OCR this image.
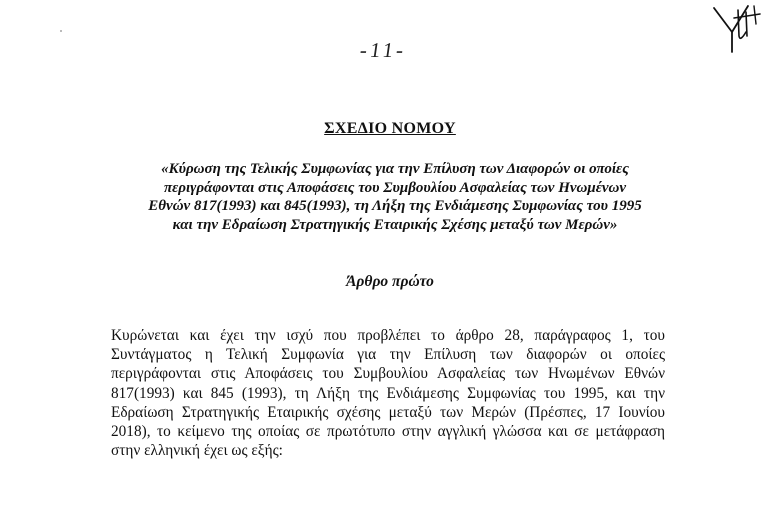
-11-
ΣΧΕΔΙΟ ΝΟΜΟΥ
«Κύρωση της Τελικής Συμφωνίας για την Επίλυση των Διαφορών οι οποίες
περιγράφονται στις Αποφάσεις του Συμβουλίου Ασφαλείας των Ηνωμένων
Εθνών 817(1993) και 845(1993), τη Λήξη της Ενδιάμεσης Συμφωνίας του 1995
και την Εδραίωση Στρατηγικής Εταιρικής Σχέσης μεταξύ των Μερών»
Άρθρο πρώτο
Κυρώνεται και έχει την ισχύ που προβλέπει το άρθρο 28, παράγραφος 1, του
Συντάγματος η Τελική Συμφωνία για την Επίλυση των διαφορών οι οποίες
περιγράφονται στις Αποφάσεις του Συμβουλίου Ασφαλείας των Ηνωμένων Εθνών
817(1993) και 845 (1993), τη Λήξη της Ενδιάμεσης Συμφωνίας του 1995, και την
Εδραίωση Στρατηγικής Εταιρικής σχέσης μεταξύ των Μερών (Πρέσπες, 17 Ιουνίου
2018), το κείμενο της οποίας σε πρωτότυπο στην αγγλική γλώσσα και σε μετάφραση
στην ελληνική έχει ως εξής:
